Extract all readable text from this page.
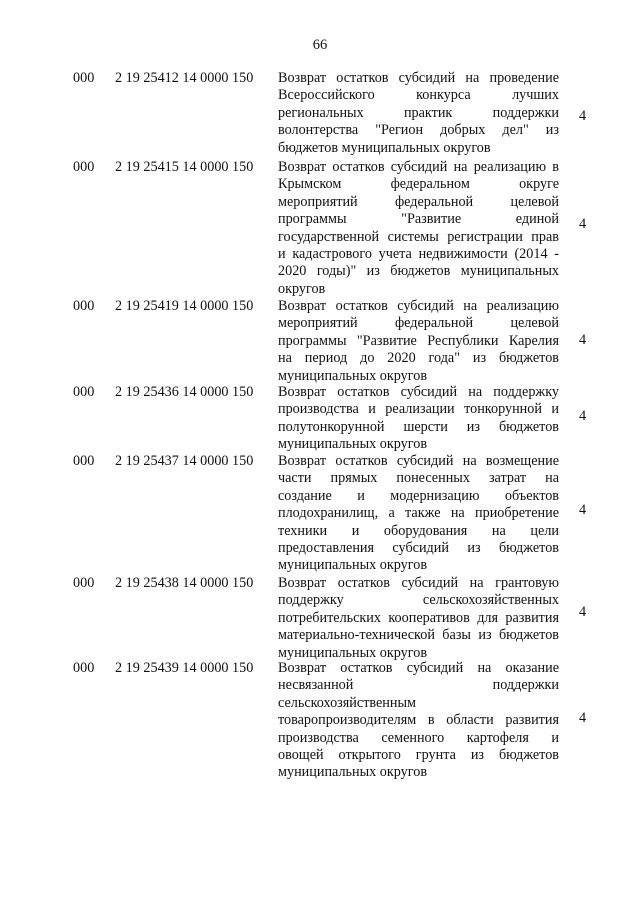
66
000 2 19 25412 14 0000 150 Возврат остатков субсидий на проведение
Всероссийского конкурса лучших
региональных практик поддержки
волонтерства "Регион добрых дел" из
бюджетов муниципальных округов
4
000 2 19 25415 14 0000 150 Возврат остатков субсидий на реализацию в
Крымском федеральном округе
мероприятий федеральной целевой
программы "Развитие единой
государственной системы регистрации прав
и кадастрового учета недвижимости (2014 -
2020 годы)" из бюджетов муниципальных
округов
4
000 2 19 25419 14 0000 150 Возврат остатков субсидий на реализацию
мероприятий федеральной целевой
программы "Развитие Республики Карелия
на период до 2020 года" из бюджетов
муниципальных округов
4
000 2 19 25436 14 0000 150 Возврат остатков субсидий на поддержку
производства и реализации тонкорунной и
полутонкорунной шерсти из бюджетов
муниципальных округов
4
000 2 19 25437 14 0000 150 Возврат остатков субсидий на возмещение
части прямых понесенных затрат на
создание и модернизацию объектов
плодохранилищ, а также на приобретение
техники и оборудования на цели
предоставления субсидий из бюджетов
муниципальных округов
4
000 2 19 25438 14 0000 150 Возврат остатков субсидий на грантовую
поддержку сельскохозяйственных
потребительских кооперативов для развития
материально-технической базы из бюджетов
муниципальных округов
4
000 2 19 25439 14 0000 150 Возврат остатков субсидий на оказание
несвязанной поддержки
сельскохозяйственным
товаропроизводителям в области развития
производства семенного картофеля и
овощей открытого грунта из бюджетов
муниципальных округов
4
